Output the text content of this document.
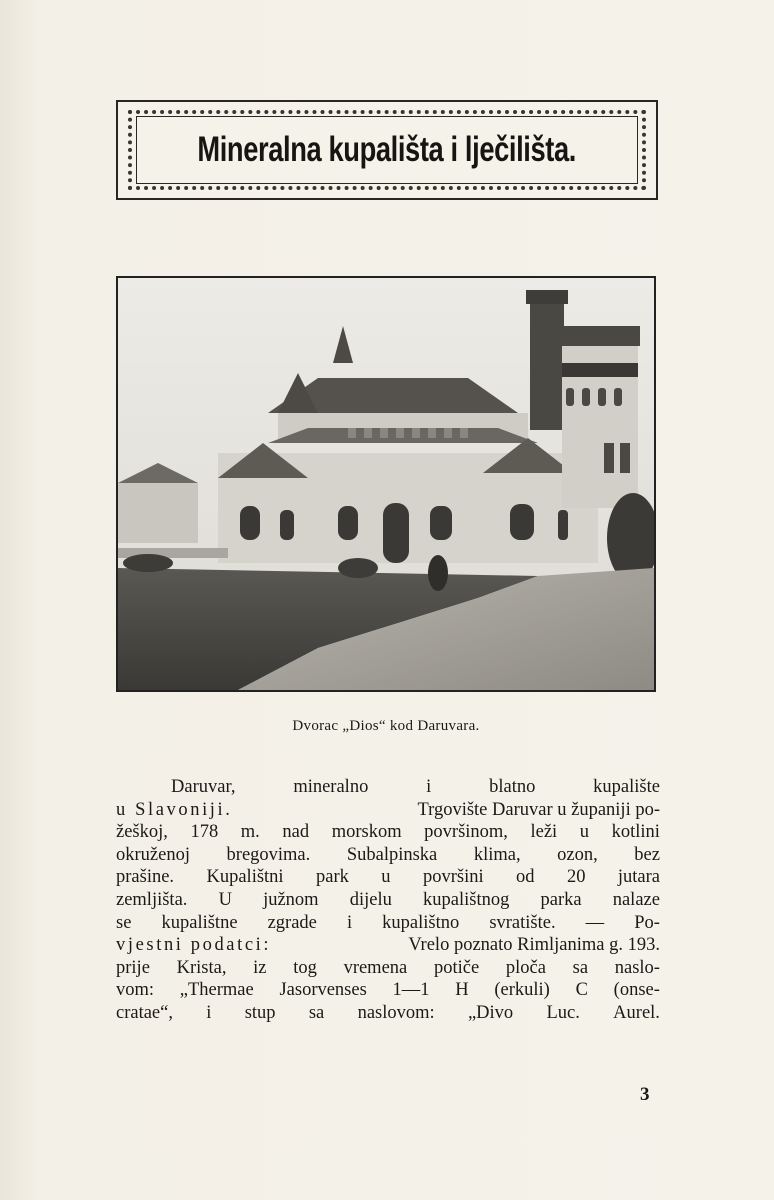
Mineralna kupališta i lječilišta.
Dvorac „Dios“ kod Daruvara.
Daruvar,	mineralno	i	blatno	kupalište
u Slavoniji.	Trgovište Daruvar u županiji po-
žeškoj, 178 m. nad morskom površinom, leži u kotlini
okruženoj bregovima. Subalpinska klima, ozon, bez
prašine. Kupalištni park u površini od 20 jutara
zemljišta. U južnom dijelu kupalištnog parka nalaze
se kupalištne zgrade i kupalištno svratište. — Po-
vjestni podatci:	Vrelo poznato Rimljanima g. 193.
prije Krista, iz tog vremena potiče ploča sa naslo-
vom: „Thermae Jasorvenses 1—1 H (erkuli) C (onse-
cratae“, i stup sa naslovom: „Divo Luc. Aurel.
3
